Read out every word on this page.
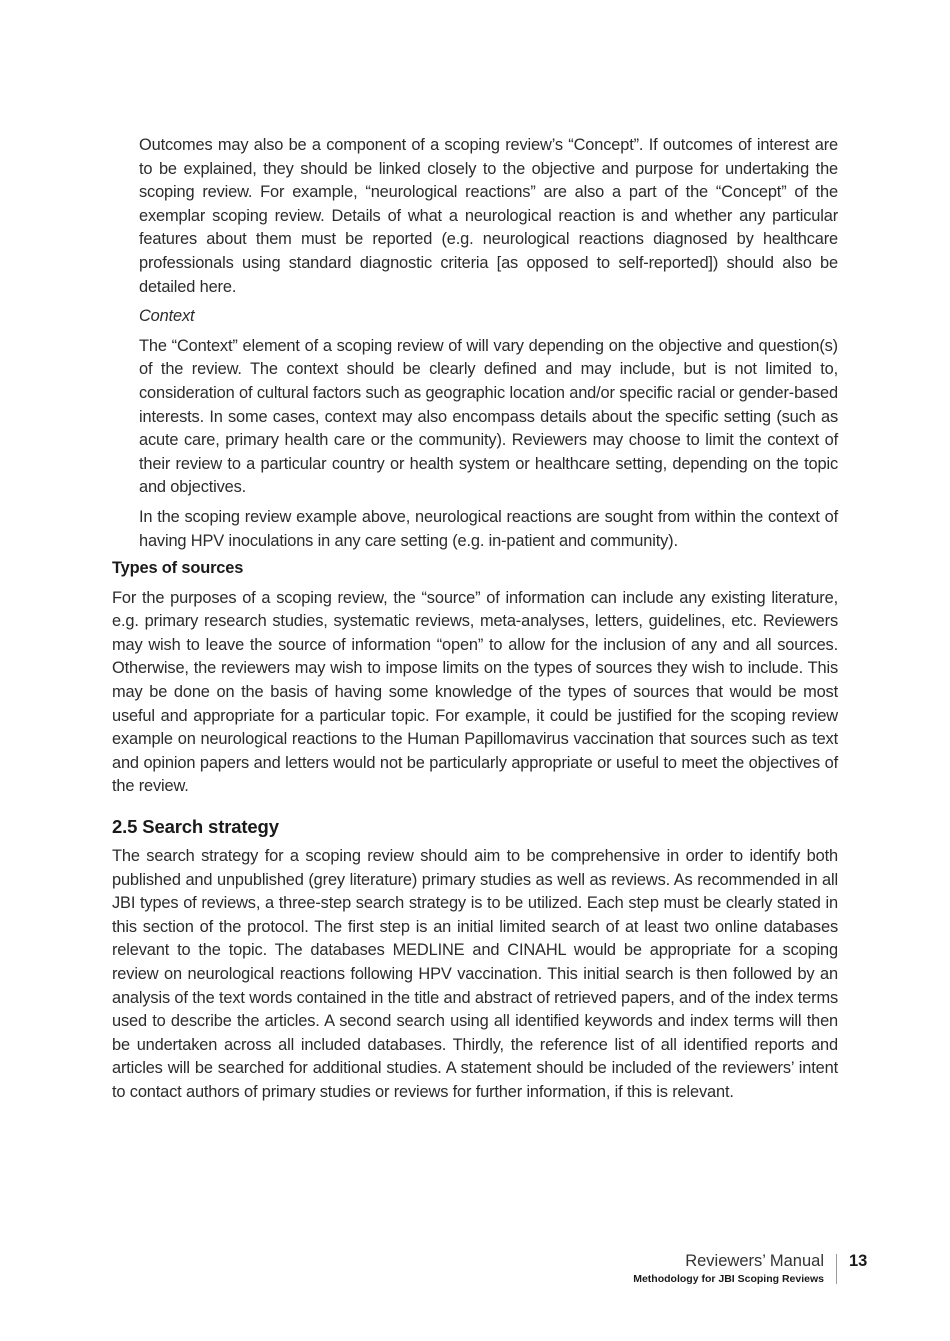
Outcomes may also be a component of a scoping review’s “Concept”. If outcomes of interest are to be explained, they should be linked closely to the objective and purpose for undertaking the scoping review. For example, “neurological reactions” are also a part of the “Concept” of the exemplar scoping review. Details of what a neurological reaction is and whether any particular features about them must be reported (e.g. neurological reactions diagnosed by healthcare professionals using standard diagnostic criteria [as opposed to self-reported]) should also be detailed here.

Context

The “Context” element of a scoping review of will vary depending on the objective and question(s) of the review. The context should be clearly defined and may include, but is not limited to, consideration of cultural factors such as geographic location and/or specific racial or gender-based interests. In some cases, context may also encompass details about the specific setting (such as acute care, primary health care or the community). Reviewers may choose to limit the context of their review to a particular country or health system or healthcare setting, depending on the topic and objectives.

In the scoping review example above, neurological reactions are sought from within the context of having HPV inoculations in any care setting (e.g. in-patient and community).

Types of sources

For the purposes of a scoping review, the “source” of information can include any existing literature, e.g. primary research studies, systematic reviews, meta-analyses, letters, guidelines, etc. Reviewers may wish to leave the source of information “open” to allow for the inclusion of any and all sources. Otherwise, the reviewers may wish to impose limits on the types of sources they wish to include. This may be done on the basis of having some knowledge of the types of sources that would be most useful and appropriate for a particular topic. For example, it could be justified for the scoping review example on neurological reactions to the Human Papillomavirus vaccination that sources such as text and opinion papers and letters would not be particularly appropriate or useful to meet the objectives of the review.

2.5 Search strategy

The search strategy for a scoping review should aim to be comprehensive in order to identify both published and unpublished (grey literature) primary studies as well as reviews. As recommended in all JBI types of reviews, a three-step search strategy is to be utilized. Each step must be clearly stated in this section of the protocol. The first step is an initial limited search of at least two online databases relevant to the topic. The databases MEDLINE and CINAHL would be appropriate for a scoping review on neurological reactions following HPV vaccination. This initial search is then followed by an analysis of the text words contained in the title and abstract of retrieved papers, and of the index terms used to describe the articles. A second search using all identified keywords and index terms will then be undertaken across all included databases. Thirdly, the reference list of all identified reports and articles will be searched for additional studies. A statement should be included of the reviewers’ intent to contact authors of primary studies or reviews for further information, if this is relevant.

Reviewers’ Manual
Methodology for JBI Scoping Reviews
13
